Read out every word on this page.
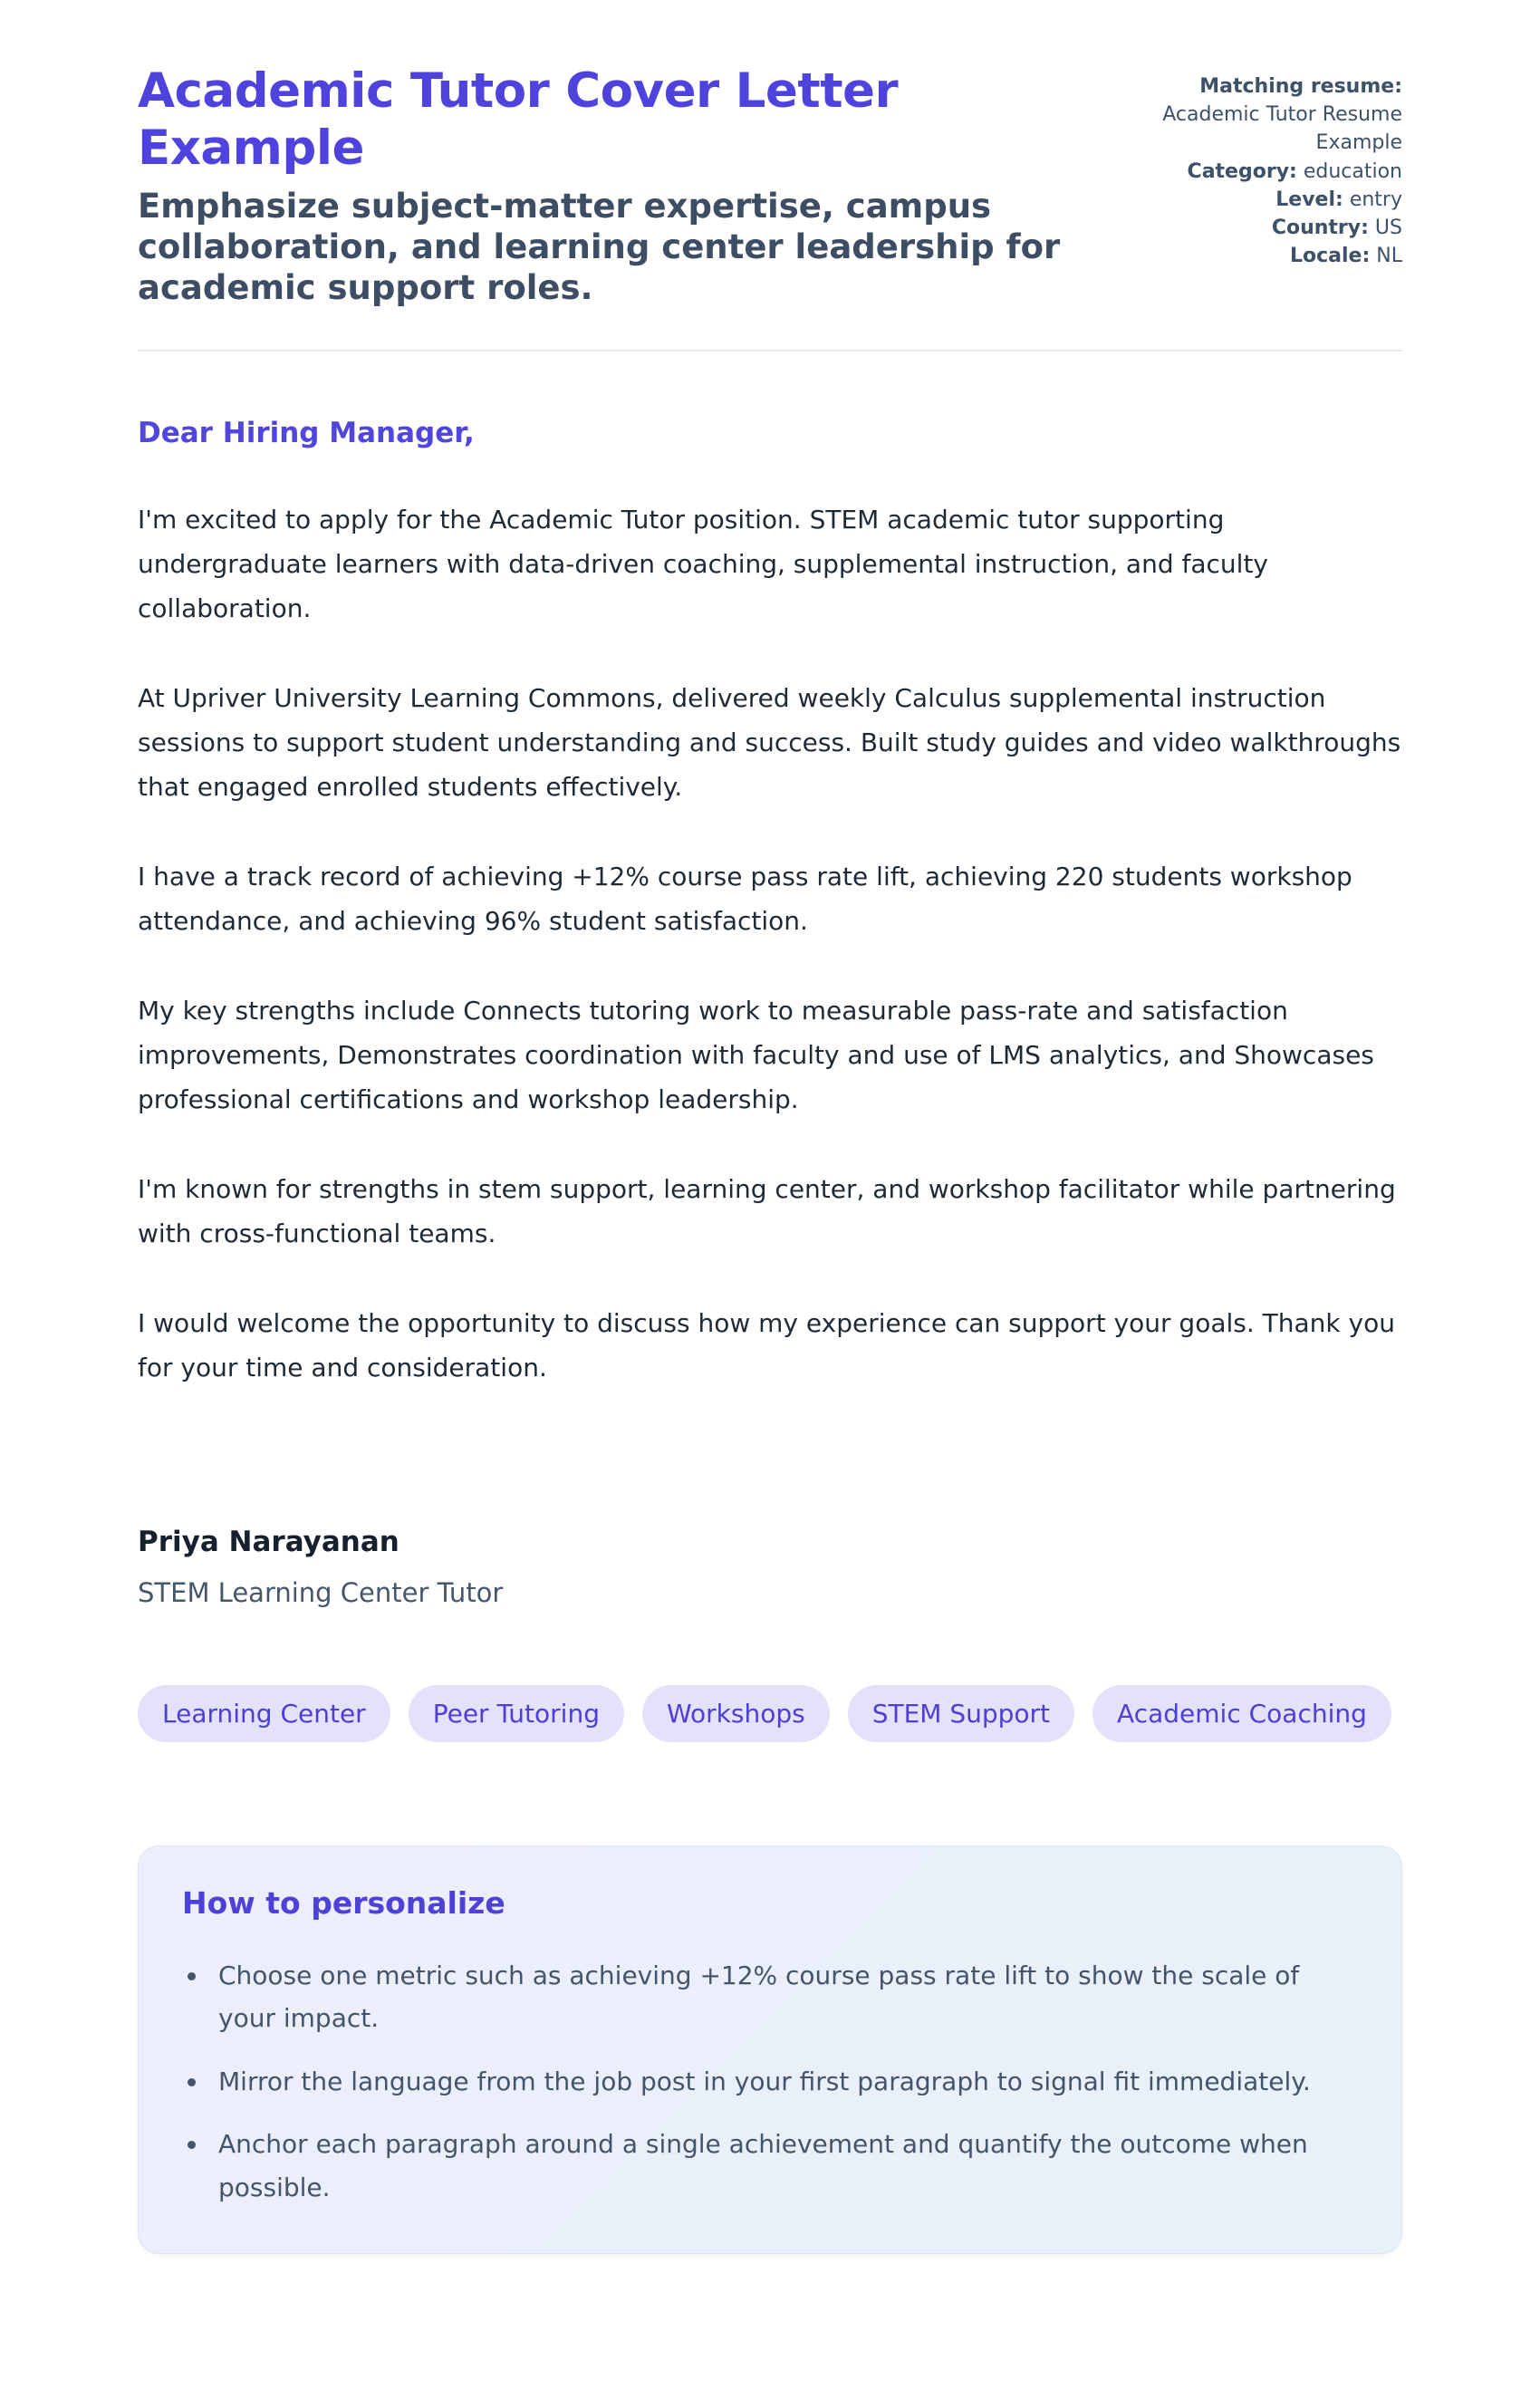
Academic Tutor Cover Letter Example

Emphasize subject-matter expertise, campus collaboration, and learning center leadership for academic support roles.

Matching resume: Academic Tutor Resume Example
Category: education
Level: entry
Country: US
Locale: NL

Dear Hiring Manager,

I'm excited to apply for the Academic Tutor position. STEM academic tutor supporting undergraduate learners with data-driven coaching, supplemental instruction, and faculty collaboration.

At Upriver University Learning Commons, delivered weekly Calculus supplemental instruction sessions to support student understanding and success. Built study guides and video walkthroughs that engaged enrolled students effectively.

I have a track record of achieving +12% course pass rate lift, achieving 220 students workshop attendance, and achieving 96% student satisfaction.

My key strengths include Connects tutoring work to measurable pass-rate and satisfaction improvements, Demonstrates coordination with faculty and use of LMS analytics, and Showcases professional certifications and workshop leadership.

I'm known for strengths in stem support, learning center, and workshop facilitator while partnering with cross-functional teams.

I would welcome the opportunity to discuss how my experience can support your goals. Thank you for your time and consideration.

Priya Narayanan

STEM Learning Center Tutor

Learning Center	Peer Tutoring	Workshops	STEM Support	Academic Coaching
How to personalize
• Choose one metric such as achieving +12% course pass rate lift to show the scale of your impact.
• Mirror the language from the job post in your first paragraph to signal fit immediately.
• Anchor each paragraph around a single achievement and quantify the outcome when possible.
